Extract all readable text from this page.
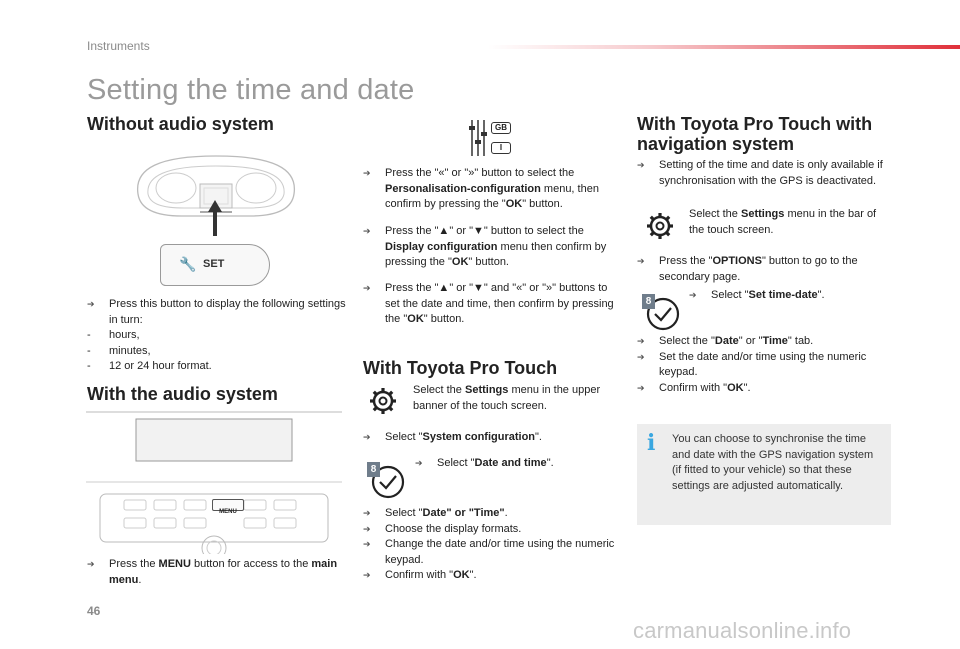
Instruments
Setting the time and date
Without audio system
🔧 SET
➔ Press this button to display the following settings in turn:
- hours,
- minutes,
- 12 or 24 hour format.
With the audio system
MENU
➔ Press the MENU button for access to the main menu.
GB
I
➔ Press the "«" or "»" button to select the Personalisation-configuration menu, then confirm by pressing the "OK" button.
➔ Press the "▲" or "▼" button to select the Display configuration menu then confirm by pressing the "OK" button.
➔ Press the "▲" or "▼" and "«" or "»" buttons to set the date and time, then confirm by pressing the "OK" button.
With Toyota Pro Touch
Select the Settings menu in the upper banner of the touch screen.
➔ Select "System configuration".
8
➔ Select "Date and time".
➔ Select "Date" or "Time".
➔ Choose the display formats.
➔ Change the date and/or time using the numeric keypad.
➔ Confirm with "OK".
With Toyota Pro Touch with
navigation system
➔ Setting of the time and date is only available if synchronisation with the GPS is deactivated.
Select the Settings menu in the bar of the touch screen.
➔ Press the "OPTIONS" button to go to the secondary page.
8
➔ Select "Set time-date".
➔ Select the "Date" or "Time" tab.
➔ Set the date and/or time using the numeric keypad.
➔ Confirm with "OK".
i You can choose to synchronise the time and date with the GPS navigation system (if fitted to your vehicle) so that these settings are adjusted automatically.
46
carmanualsonline.info
